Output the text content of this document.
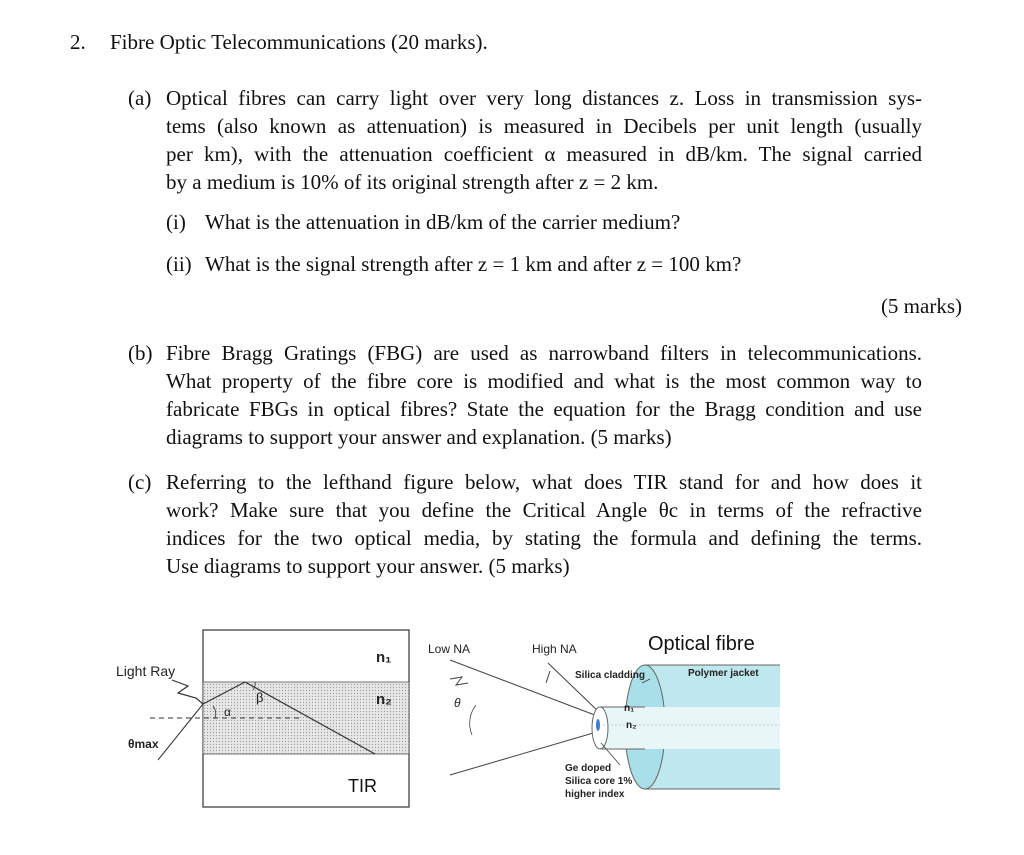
2. Fibre Optic Telecommunications (20 marks).
(a) Optical fibres can carry light over very long distances z. Loss in transmission sys-
tems (also known as attenuation) is measured in Decibels per unit length (usually
per km), with the attenuation coefficient α measured in dB/km. The signal carried
by a medium is 10% of its original strength after z = 2 km.
(i) What is the attenuation in dB/km of the carrier medium?
(ii) What is the signal strength after z = 1 km and after z = 100 km?
(5 marks)
(b) Fibre Bragg Gratings (FBG) are used as narrowband filters in telecommunications.
What property of the fibre core is modified and what is the most common way to
fabricate FBGs in optical fibres? State the equation for the Bragg condition and use
diagrams to support your answer and explanation. (5 marks)
(c) Referring to the lefthand figure below, what does TIR stand for and how does it
work? Make sure that you define the Critical Angle θc in terms of the refractive
indices for the two optical media, by stating the formula and defining the terms.
Use diagrams to support your answer. (5 marks)
Light Ray
θmax
α
β
n₁
n₂
TIR
Low NA	High NA	Optical fibre
θ
Silica cladding	Polymer jacket
n₁
n₂
Ge doped
Silica core 1%
higher index
